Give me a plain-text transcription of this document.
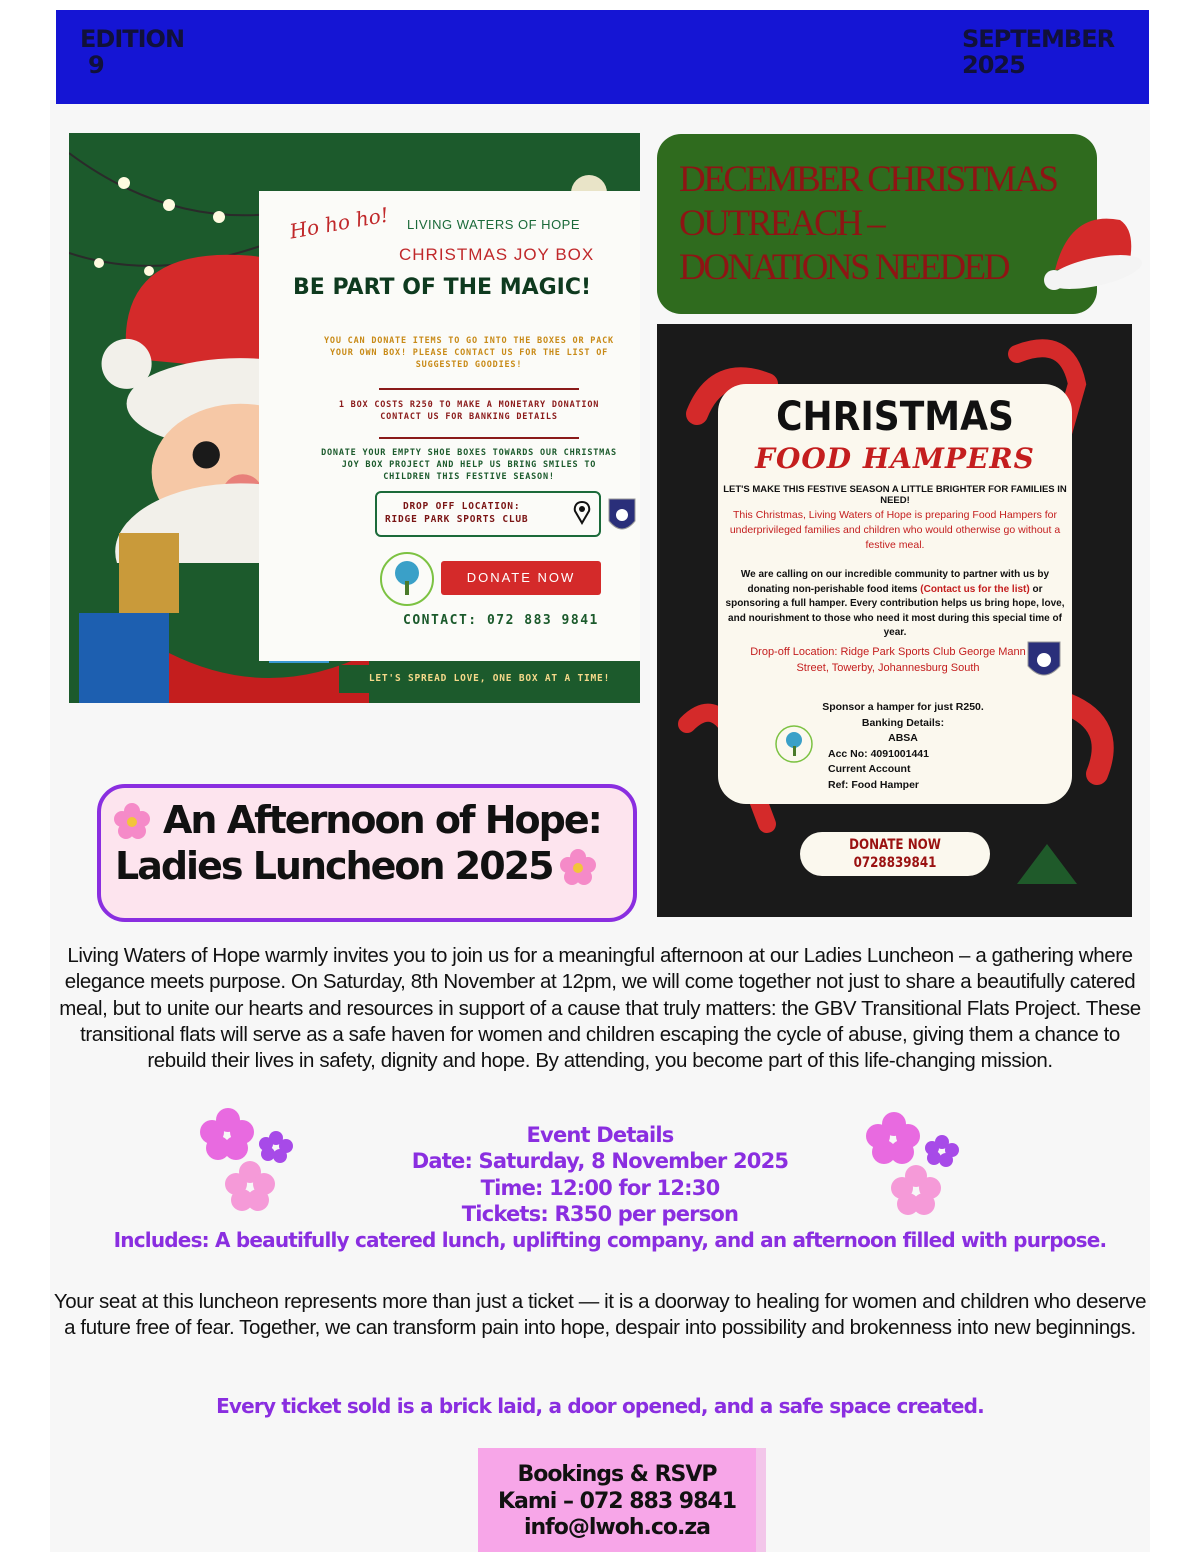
EDITION
9
SEPTEMBER
2025
Ho ho ho! LIVING WATERS OF HOPE
CHRISTMAS JOY BOX
BE PART OF THE MAGIC!
YOU CAN DONATE ITEMS TO GO INTO THE BOXES OR PACK YOUR OWN BOX! PLEASE CONTACT US FOR THE LIST OF SUGGESTED GOODIES!
1 BOX COSTS R250 TO MAKE A MONETARY DONATION CONTACT US FOR BANKING DETAILS
DONATE YOUR EMPTY SHOE BOXES TOWARDS OUR CHRISTMAS JOY BOX PROJECT AND HELP US BRING SMILES TO CHILDREN THIS FESTIVE SEASON!
DROP OFF LOCATION:
RIDGE PARK SPORTS CLUB
DONATE NOW
CONTACT: 072 883 9841
LET'S SPREAD LOVE, ONE BOX AT A TIME!
DECEMBER CHRISTMAS
OUTREACH –
DONATIONS NEEDED
CHRISTMAS
FOOD HAMPERS
LET'S MAKE THIS FESTIVE SEASON A LITTLE BRIGHTER FOR FAMILIES IN NEED!
This Christmas, Living Waters of Hope is preparing Food Hampers for underprivileged families and children who would otherwise go without a festive meal.
We are calling on our incredible community to partner with us by donating non-perishable food items (Contact us for the list) or sponsoring a full hamper. Every contribution helps us bring hope, love, and nourishment to those who need it most during this special time of year.
Drop-off Location: Ridge Park Sports Club George Mann Street, Towerby, Johannesburg South
Sponsor a hamper for just R250.
Banking Details:
ABSA
Acc No: 4091001441
Current Account
Ref: Food Hamper
DONATE NOW
0728839841
An Afternoon of Hope:
Ladies Luncheon 2025
Living Waters of Hope warmly invites you to join us for a meaningful afternoon at our Ladies Luncheon – a gathering where elegance meets purpose. On Saturday, 8th November at 12pm, we will come together not just to share a beautifully catered meal, but to unite our hearts and resources in support of a cause that truly matters: the GBV Transitional Flats Project. These transitional flats will serve as a safe haven for women and children escaping the cycle of abuse, giving them a chance to rebuild their lives in safety, dignity and hope. By attending, you become part of this life-changing mission.
Event Details
Date: Saturday, 8 November 2025
Time: 12:00 for 12:30
Tickets: R350 per person
Includes: A beautifully catered lunch, uplifting company, and an afternoon filled with purpose.
Your seat at this luncheon represents more than just a ticket — it is a doorway to healing for women and children who deserve a future free of fear. Together, we can transform pain into hope, despair into possibility and brokenness into new beginnings.
Every ticket sold is a brick laid, a door opened, and a safe space created.
Bookings & RSVP
Kami – 072 883 9841
info@lwoh.co.za
